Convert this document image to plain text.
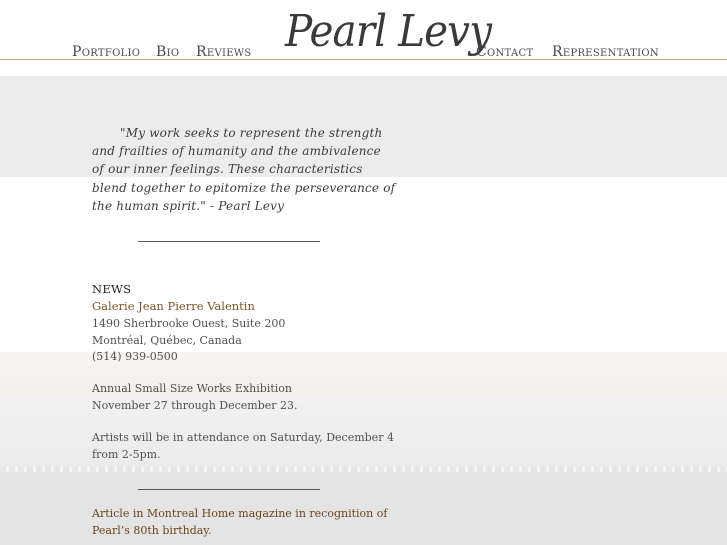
Portfolio Bio Reviews Pearl Levy
Contact Representation
"My work seeks to represent the strength
and frailties of humanity and the ambivalence
of our inner feelings. These characteristics
blend together to epitomize the perseverance of
the human spirit." - Pearl Levy
NEWS
Galerie Jean Pierre Valentin
1490 Sherbrooke Ouest, Suite 200
Montréal, Québec, Canada
(514) 939-0500
Annual Small Size Works Exhibition
November 27 through December 23.
Artists will be in attendance on Saturday, December 4
from 2-5pm.
Article in Montreal Home magazine in recognition of
Pearl’s 80th birthday.
